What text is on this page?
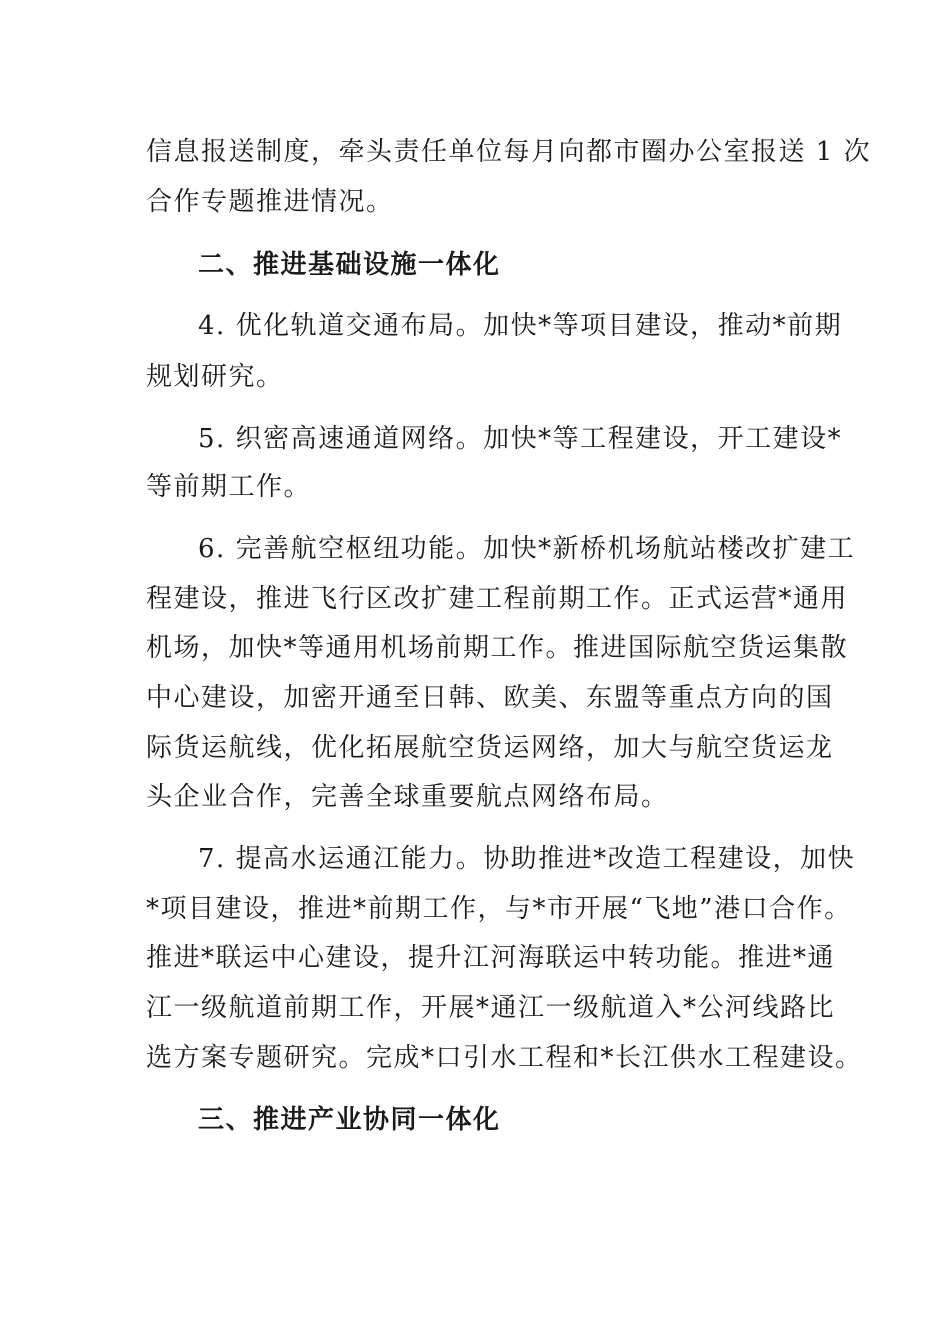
信息报送制度，牵头责任单位每月向都市圈办公室报送 1 次
合作专题推进情况。
二、推进基础设施一体化
4. 优化轨道交通布局。加快*等项目建设，推动*前期
规划研究。
5. 织密高速通道网络。加快*等工程建设，开工建设*
等前期工作。
6. 完善航空枢纽功能。加快*新桥机场航站楼改扩建工
程建设，推进飞行区改扩建工程前期工作。正式运营*通用
机场，加快*等通用机场前期工作。推进国际航空货运集散
中心建设，加密开通至日韩、欧美、东盟等重点方向的国
际货运航线，优化拓展航空货运网络，加大与航空货运龙
头企业合作，完善全球重要航点网络布局。
7. 提高水运通江能力。协助推进*改造工程建设，加快
*项目建设，推进*前期工作，与*市开展“飞地”港口合作。
推进*联运中心建设，提升江河海联运中转功能。推进*通
江一级航道前期工作，开展*通江一级航道入*公河线路比
选方案专题研究。完成*口引水工程和*长江供水工程建设。
三、推进产业协同一体化
